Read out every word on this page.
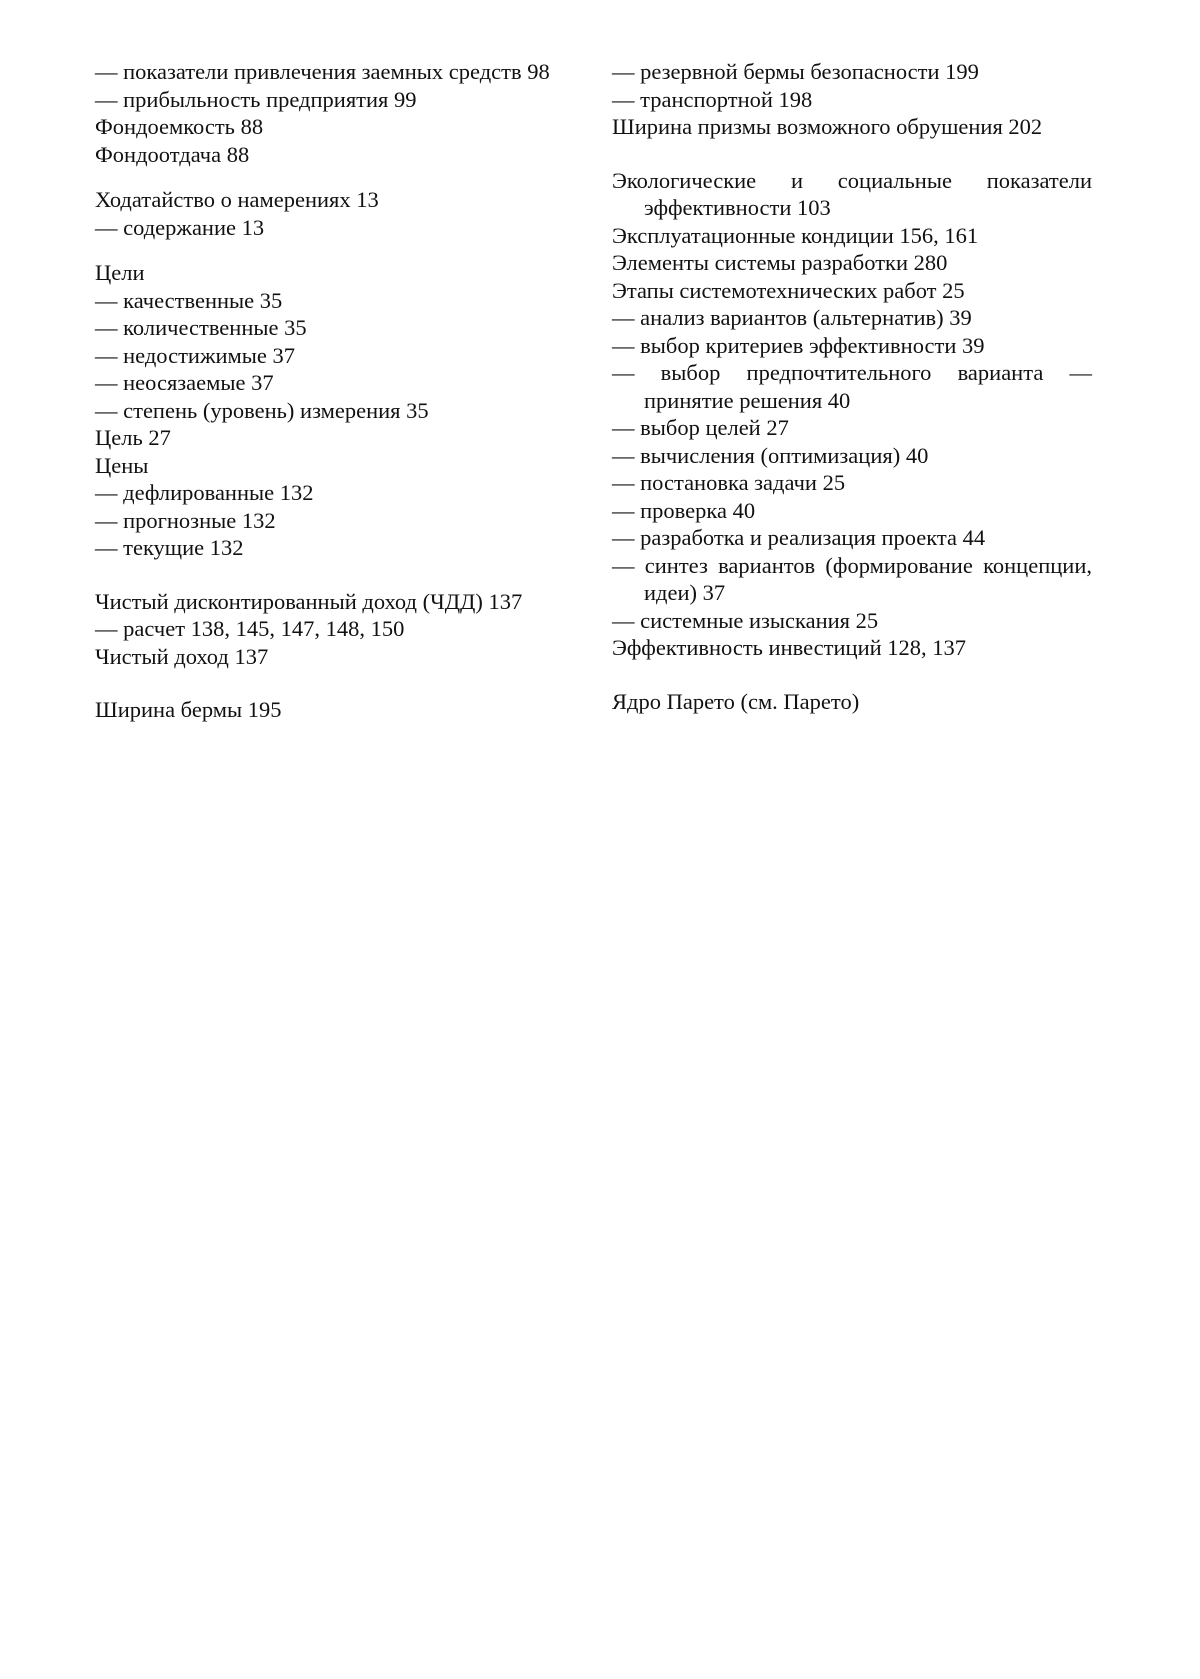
— показатели привлечения заемных средств 98

— прибыльность предприятия 99

Фондоемкость 88

Фондоотдача 88

Ходатайство о намерениях 13

— содержание 13

Цели

— качественные 35

— количественные 35

— недостижимые 37

— неосязаемые 37

— степень (уровень) измерения 35

Цель 27

Цены

— дефлированные 132

— прогнозные 132

— текущие 132

Чистый дисконтированный доход (ЧДД) 137

— расчет 138, 145, 147, 148, 150

Чистый доход 137

Ширина бермы 195

— резервной бермы безопасности 199

— транспортной 198

Ширина призмы возможного обрушения 202

Экологические и социальные показатели эффективности 103

Эксплуатационные кондиции 156, 161

Элементы системы разработки 280

Этапы системотехнических работ 25

— анализ вариантов (альтернатив) 39

— выбор критериев эффективности 39

— выбор предпочтительного варианта — принятие решения 40

— выбор целей 27

— вычисления (оптимизация) 40

— постановка задачи 25

— проверка 40

— разработка и реализация проекта 44

— синтез вариантов (формирование концепции, идеи) 37

— системные изыскания 25

Эффективность инвестиций 128, 137

Ядро Парето (см. Парето)
